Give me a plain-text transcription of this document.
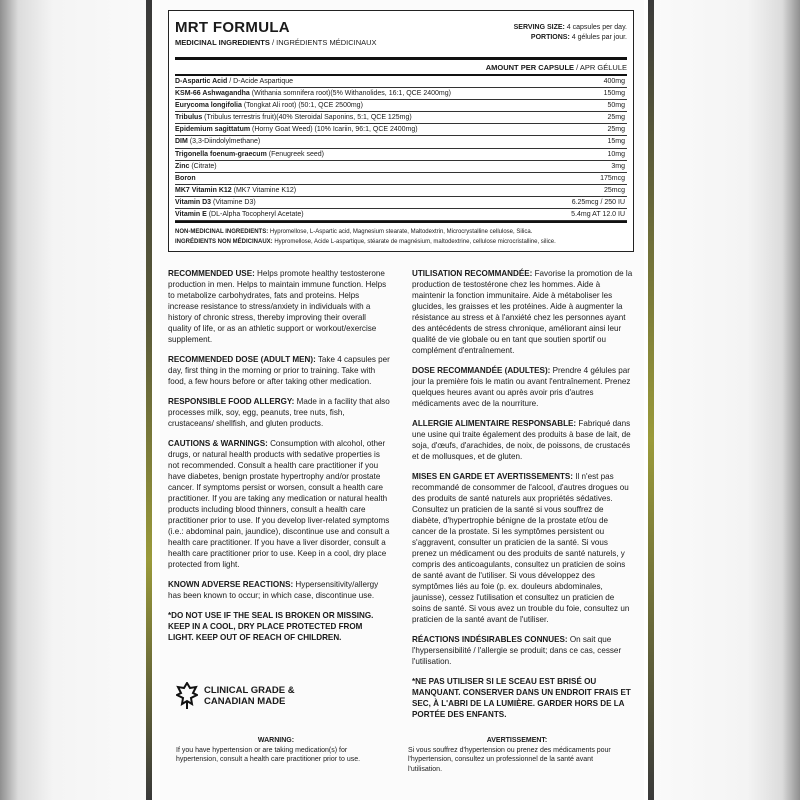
MRT FORMULA
MEDICINAL INGREDIENTS / INGRÉDIENTS MÉDICINAUX
SERVING SIZE: 4 capsules per day.
PORTIONS: 4 gélules par jour.
AMOUNT PER CAPSULE / APR GÉLULE
D-Aspartic Acid / D-Acide Aspartique	400mg
KSM-66 Ashwagandha (Withania somnifera root)(5% Withanolides, 16:1, QCE 2400mg)	150mg
Eurycoma longifolia (Tongkat Ali root) (50:1, QCE 2500mg)	50mg
Tribulus (Tribulus terrestris fruit)(40% Steroidal Saponins, 5:1, QCE 125mg)	25mg
Epidemium sagittatum (Horny Goat Weed) (10% Icariin, 96:1, QCE 2400mg)	25mg
DIM (3,3-Diindolylmethane)	15mg
Trigonella foenum-graecum (Fenugreek seed)	10mg
Zinc (Citrate)	3mg
Boron	175mcg
MK7 Vitamin K12 (MK7 Vitamine K12)	25mcg
Vitamin D3 (Vitamine D3)	6.25mcg / 250 IU
Vitamin E (DL-Alpha Tocopheryl Acetate)	5.4mg AT 12.0 IU
NON-MEDICINAL INGREDIENTS: Hypromellose, L-Aspartic acid, Magnesium stearate, Maltodextrin, Microcrystalline cellulose, Silica.
INGRÉDIENTS NON MÉDICINAUX: Hypromellose, Acide L-aspartique, stéarate de magnésium, maltodextrine, cellulose microcristalline, silice.

RECOMMENDED USE: Helps promote healthy testosterone production in men. Helps to maintain immune function. Helps to metabolize carbohydrates, fats and proteins. Helps increase resistance to stress/anxiety in individuals with a history of chronic stress, thereby improving their overall quality of life, or as an athletic support or workout/exercise supplement.

RECOMMENDED DOSE (ADULT MEN): Take 4 capsules per day, first thing in the morning or prior to training. Take with food, a few hours before or after taking other medication.

RESPONSIBLE FOOD ALLERGY: Made in a facility that also processes milk, soy, egg, peanuts, tree nuts, fish, crustaceans/ shellfish, and gluten products.

CAUTIONS & WARNINGS: Consumption with alcohol, other drugs, or natural health products with sedative properties is not recommended. Consult a health care practitioner if you have diabetes, benign prostate hypertrophy and/or prostate cancer. If symptoms persist or worsen, consult a health care practitioner. If you are taking any medication or natural health products including blood thinners, consult a health care practitioner prior to use. If you develop liver-related symptoms (i.e.: abdominal pain, jaundice), discontinue use and consult a health care practitioner. If you have a liver disorder, consult a health care practitioner prior to use. Keep in a cool, dry place protected from light.

KNOWN ADVERSE REACTIONS: Hypersensitivity/allergy has been known to occur; in which case, discontinue use.

*DO NOT USE IF THE SEAL IS BROKEN OR MISSING. KEEP IN A COOL, DRY PLACE PROTECTED FROM LIGHT. KEEP OUT OF REACH OF CHILDREN.

UTILISATION RECOMMANDÉE: Favorise la promotion de la production de testostérone chez les hommes. Aide à maintenir la fonction immunitaire. Aide à métaboliser les glucides, les graisses et les protéines. Aide à augmenter la résistance au stress et à l'anxiété chez les personnes ayant des antécédents de stress chronique, améliorant ainsi leur qualité de vie globale ou en tant que soutien sportif ou complément d'entraînement.

DOSE RECOMMANDÉE (ADULTES): Prendre 4 gélules par jour la première fois le matin ou avant l'entraînement. Prenez quelques heures avant ou après avoir pris d'autres médicaments avec de la nourriture.

ALLERGIE ALIMENTAIRE RESPONSABLE: Fabriqué dans une usine qui traite également des produits à base de lait, de soja, d'œufs, d'arachides, de noix, de poissons, de crustacés et de mollusques, et de gluten.

MISES EN GARDE ET AVERTISSEMENTS: Il n'est pas recommandé de consommer de l'alcool, d'autres drogues ou des produits de santé naturels aux propriétés sédatives. Consultez un praticien de la santé si vous souffrez de diabète, d'hypertrophie bénigne de la prostate et/ou de cancer de la prostate. Si les symptômes persistent ou s'aggravent, consulter un praticien de la santé. Si vous prenez un médicament ou des produits de santé naturels, y compris des anticoagulants, consultez un praticien de soins de santé avant de l'utiliser. Si vous développez des symptômes liés au foie (p. ex. douleurs abdominales, jaunisse), cessez l'utilisation et consultez un praticien de soins de santé. Si vous avez un trouble du foie, consultez un praticien de la santé avant de l'utiliser.

RÉACTIONS INDÉSIRABLES CONNUES: On sait que l'hypersensibilité / l'allergie se produit; dans ce cas, cesser l'utilisation.

*NE PAS UTILISER SI LE SCEAU EST BRISÉ OU MANQUANT. CONSERVER DANS UN ENDROIT FRAIS ET SEC, À L'ABRI DE LA LUMIÈRE. GARDER HORS DE LA PORTÉE DES ENFANTS.

CLINICAL GRADE &
CANADIAN MADE
WARNING:
If you have hypertension or are taking medication(s) for hypertension, consult a health care practitioner prior to use.
AVERTISSEMENT:
Si vous souffrez d'hypertension ou prenez des médicaments pour l'hypertension, consultez un professionnel de la santé avant l'utilisation.
